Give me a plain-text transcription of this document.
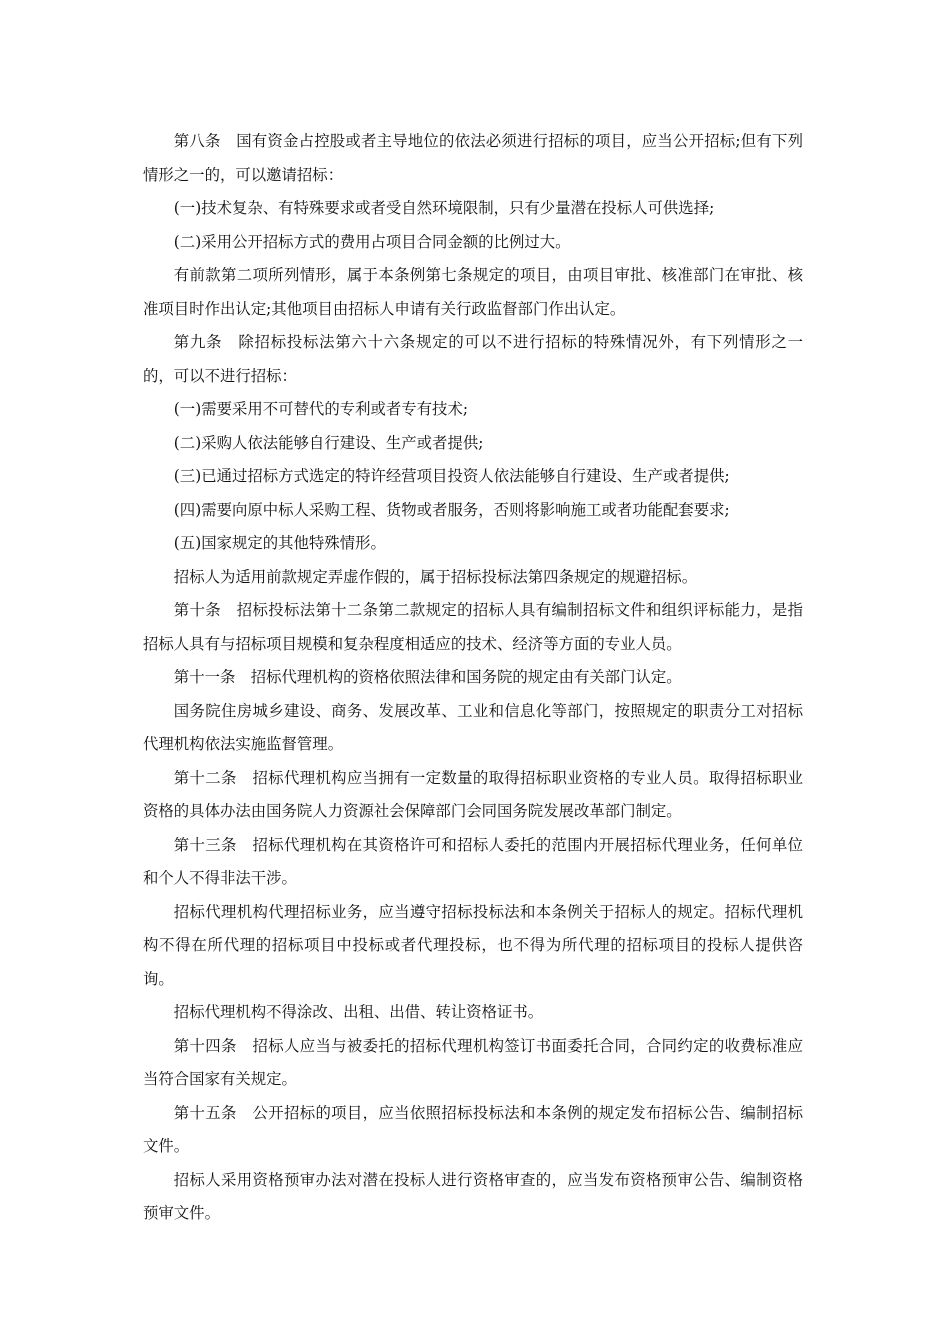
第八条　国有资金占控股或者主导地位的依法必须进行招标的项目，应当公开招标;但有下列情形之一的，可以邀请招标：

(一)技术复杂、有特殊要求或者受自然环境限制，只有少量潜在投标人可供选择;

(二)采用公开招标方式的费用占项目合同金额的比例过大。

有前款第二项所列情形，属于本条例第七条规定的项目，由项目审批、核准部门在审批、核准项目时作出认定;其他项目由招标人申请有关行政监督部门作出认定。

第九条　除招标投标法第六十六条规定的可以不进行招标的特殊情况外，有下列情形之一的，可以不进行招标：

(一)需要采用不可替代的专利或者专有技术;

(二)采购人依法能够自行建设、生产或者提供;

(三)已通过招标方式选定的特许经营项目投资人依法能够自行建设、生产或者提供;

(四)需要向原中标人采购工程、货物或者服务，否则将影响施工或者功能配套要求;

(五)国家规定的其他特殊情形。

招标人为适用前款规定弄虚作假的，属于招标投标法第四条规定的规避招标。

第十条　招标投标法第十二条第二款规定的招标人具有编制招标文件和组织评标能力，是指招标人具有与招标项目规模和复杂程度相适应的技术、经济等方面的专业人员。

第十一条　招标代理机构的资格依照法律和国务院的规定由有关部门认定。

国务院住房城乡建设、商务、发展改革、工业和信息化等部门，按照规定的职责分工对招标代理机构依法实施监督管理。

第十二条　招标代理机构应当拥有一定数量的取得招标职业资格的专业人员。取得招标职业资格的具体办法由国务院人力资源社会保障部门会同国务院发展改革部门制定。

第十三条　招标代理机构在其资格许可和招标人委托的范围内开展招标代理业务，任何单位和个人不得非法干涉。

招标代理机构代理招标业务，应当遵守招标投标法和本条例关于招标人的规定。招标代理机构不得在所代理的招标项目中投标或者代理投标，也不得为所代理的招标项目的投标人提供咨询。

招标代理机构不得涂改、出租、出借、转让资格证书。

第十四条　招标人应当与被委托的招标代理机构签订书面委托合同，合同约定的收费标准应当符合国家有关规定。

第十五条　公开招标的项目，应当依照招标投标法和本条例的规定发布招标公告、编制招标文件。

招标人采用资格预审办法对潜在投标人进行资格审查的，应当发布资格预审公告、编制资格预审文件。
